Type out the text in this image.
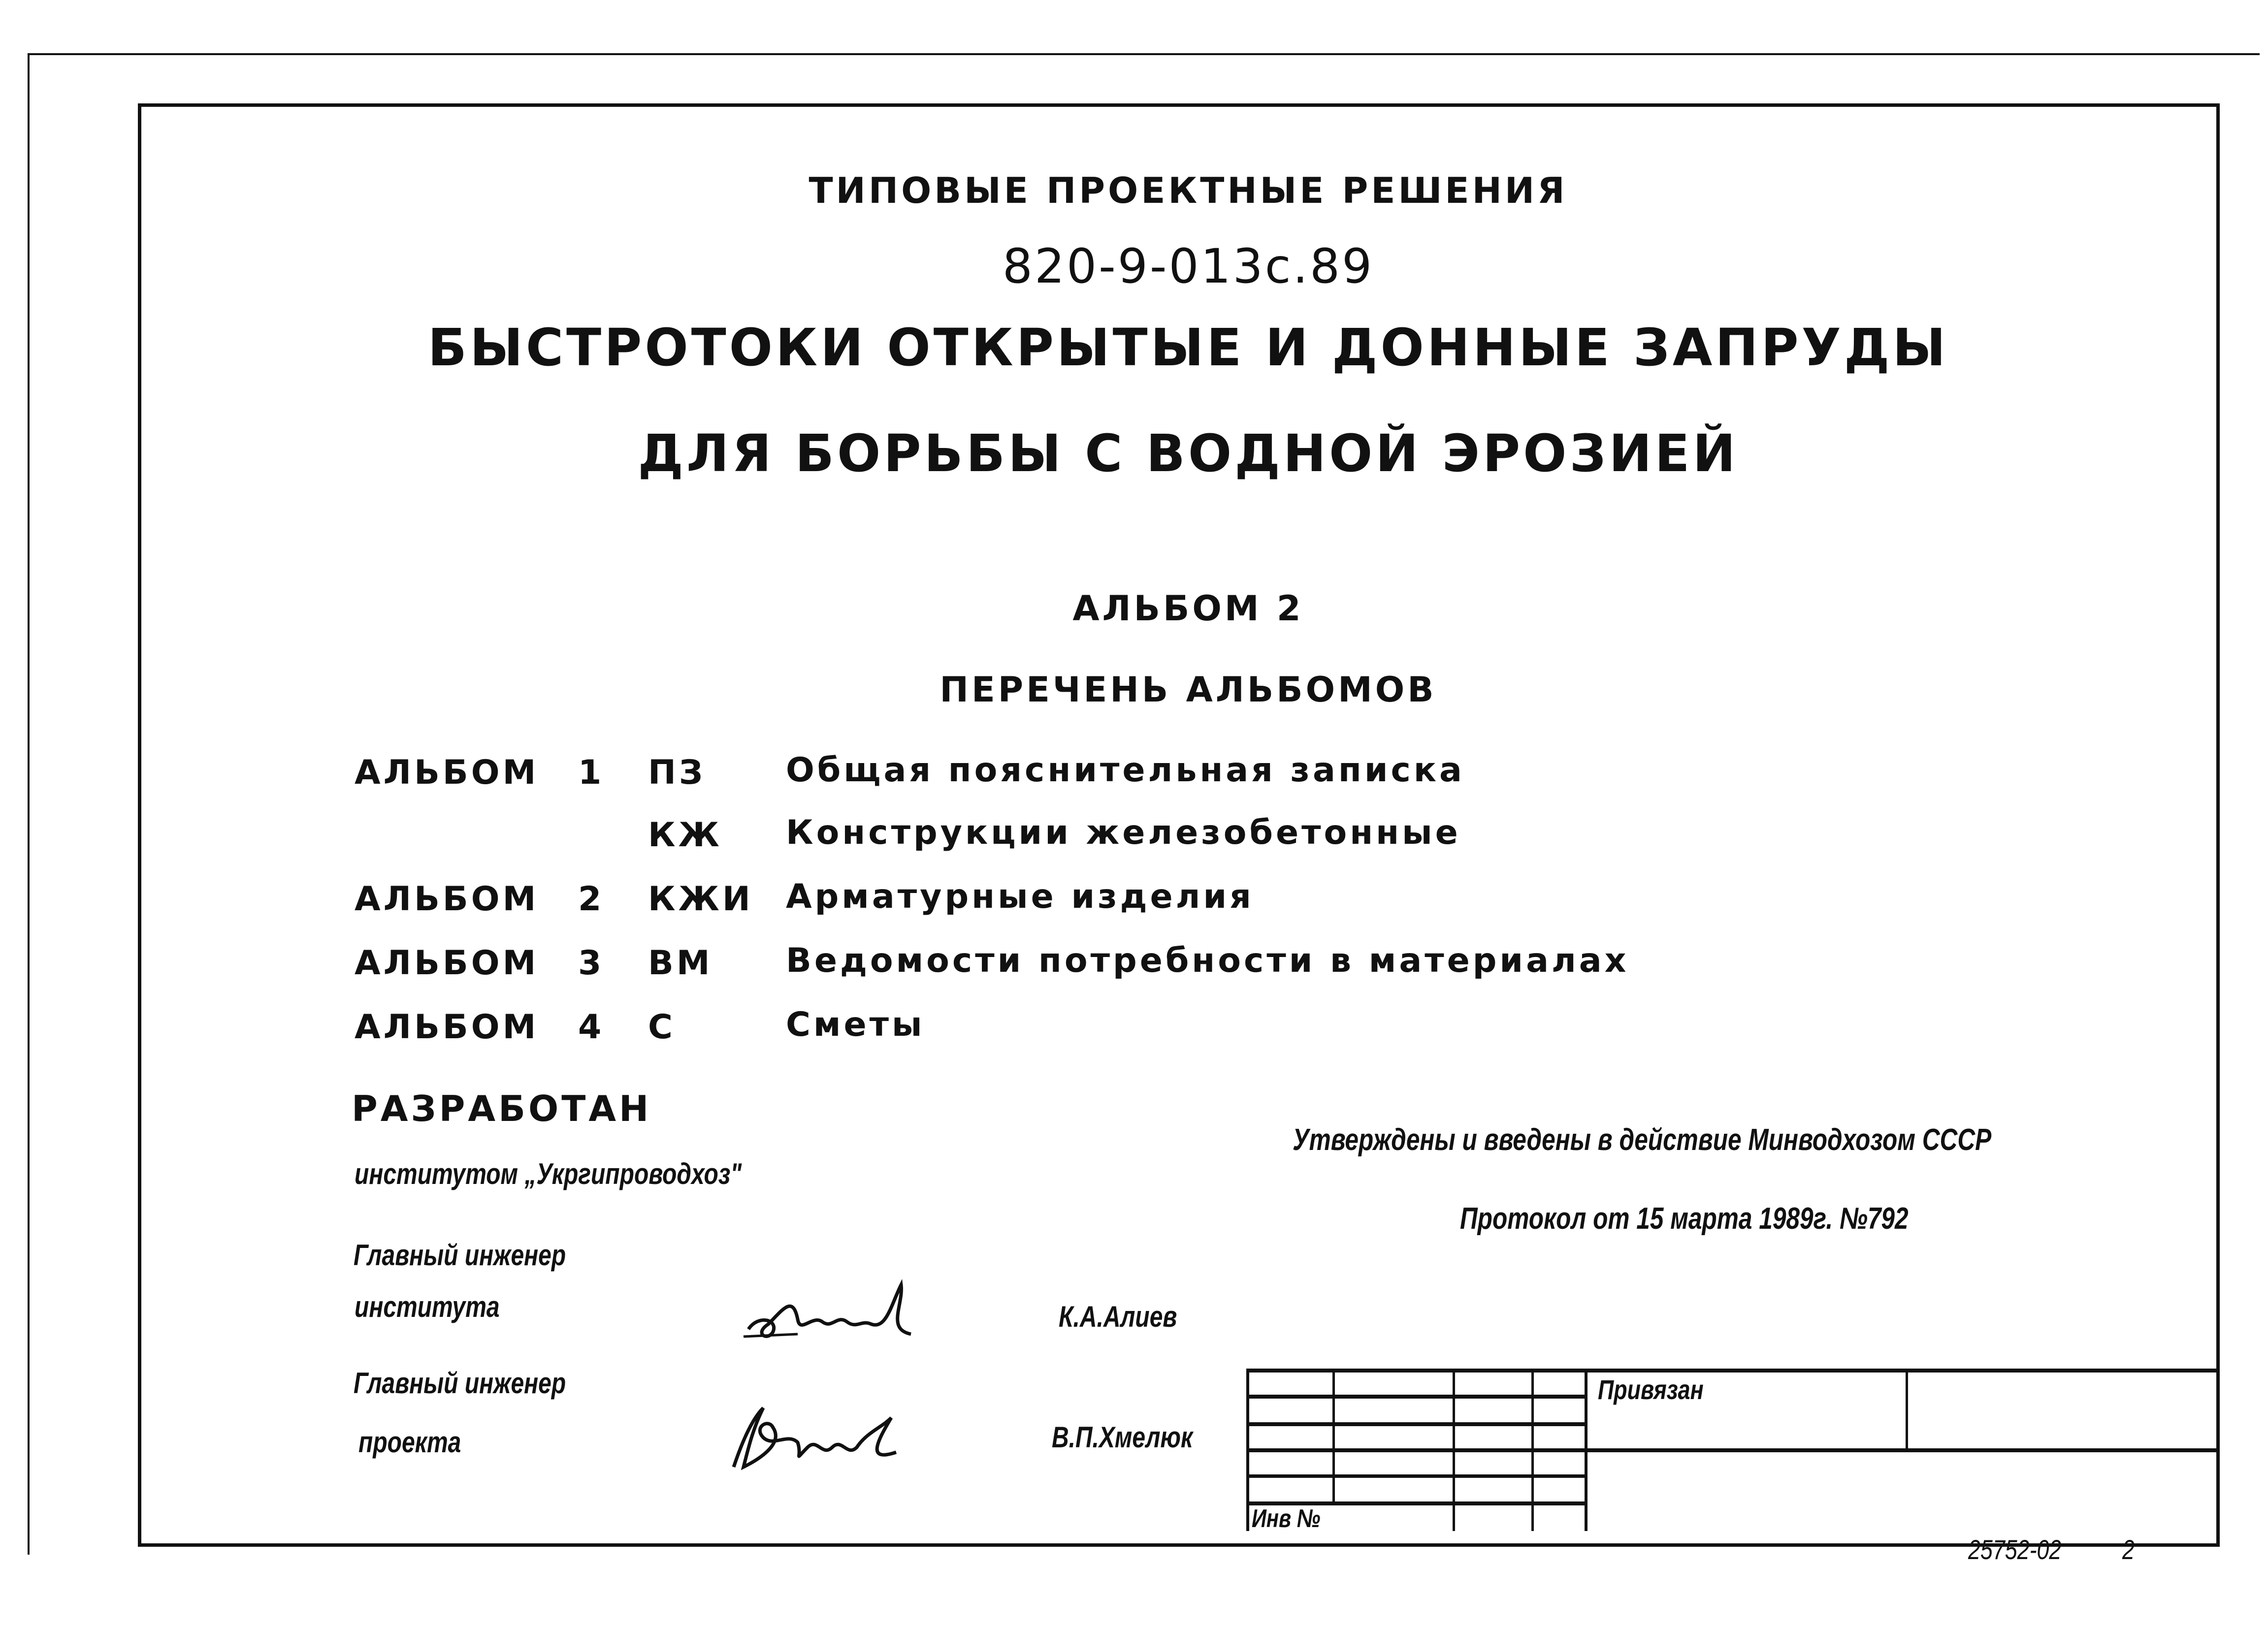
ТИПОВЫЕ ПРОЕКТНЫЕ РЕШЕНИЯ
820-9-013с.89
БЫСТРОТОКИ ОТКРЫТЫЕ И ДОННЫЕ ЗАПРУДЫ
ДЛЯ БОРЬБЫ С ВОДНОЙ ЭРОЗИЕЙ
АЛЬБОМ 2
ПЕРЕЧЕНЬ АЛЬБОМОВ
АЛЬБОМ 1 ПЗ Общая пояснительная записка
КЖ Конструкции железобетонные
АЛЬБОМ 2 КЖИ Арматурные изделия
АЛЬБОМ 3 ВМ Ведомости потребности в материалах
АЛЬБОМ 4 С	Сметы
РАЗРАБОТАН
институтом „Укргипроводхоз"
Главный инженер
института
Главный инженер
проекта
К.А.Алиев
В.П.Хмелюк
Утверждены и введены в действие Минводхозом СССР
Протокол от 15 марта 1989г. №792
Привязан
Инв №
25752-02 2
